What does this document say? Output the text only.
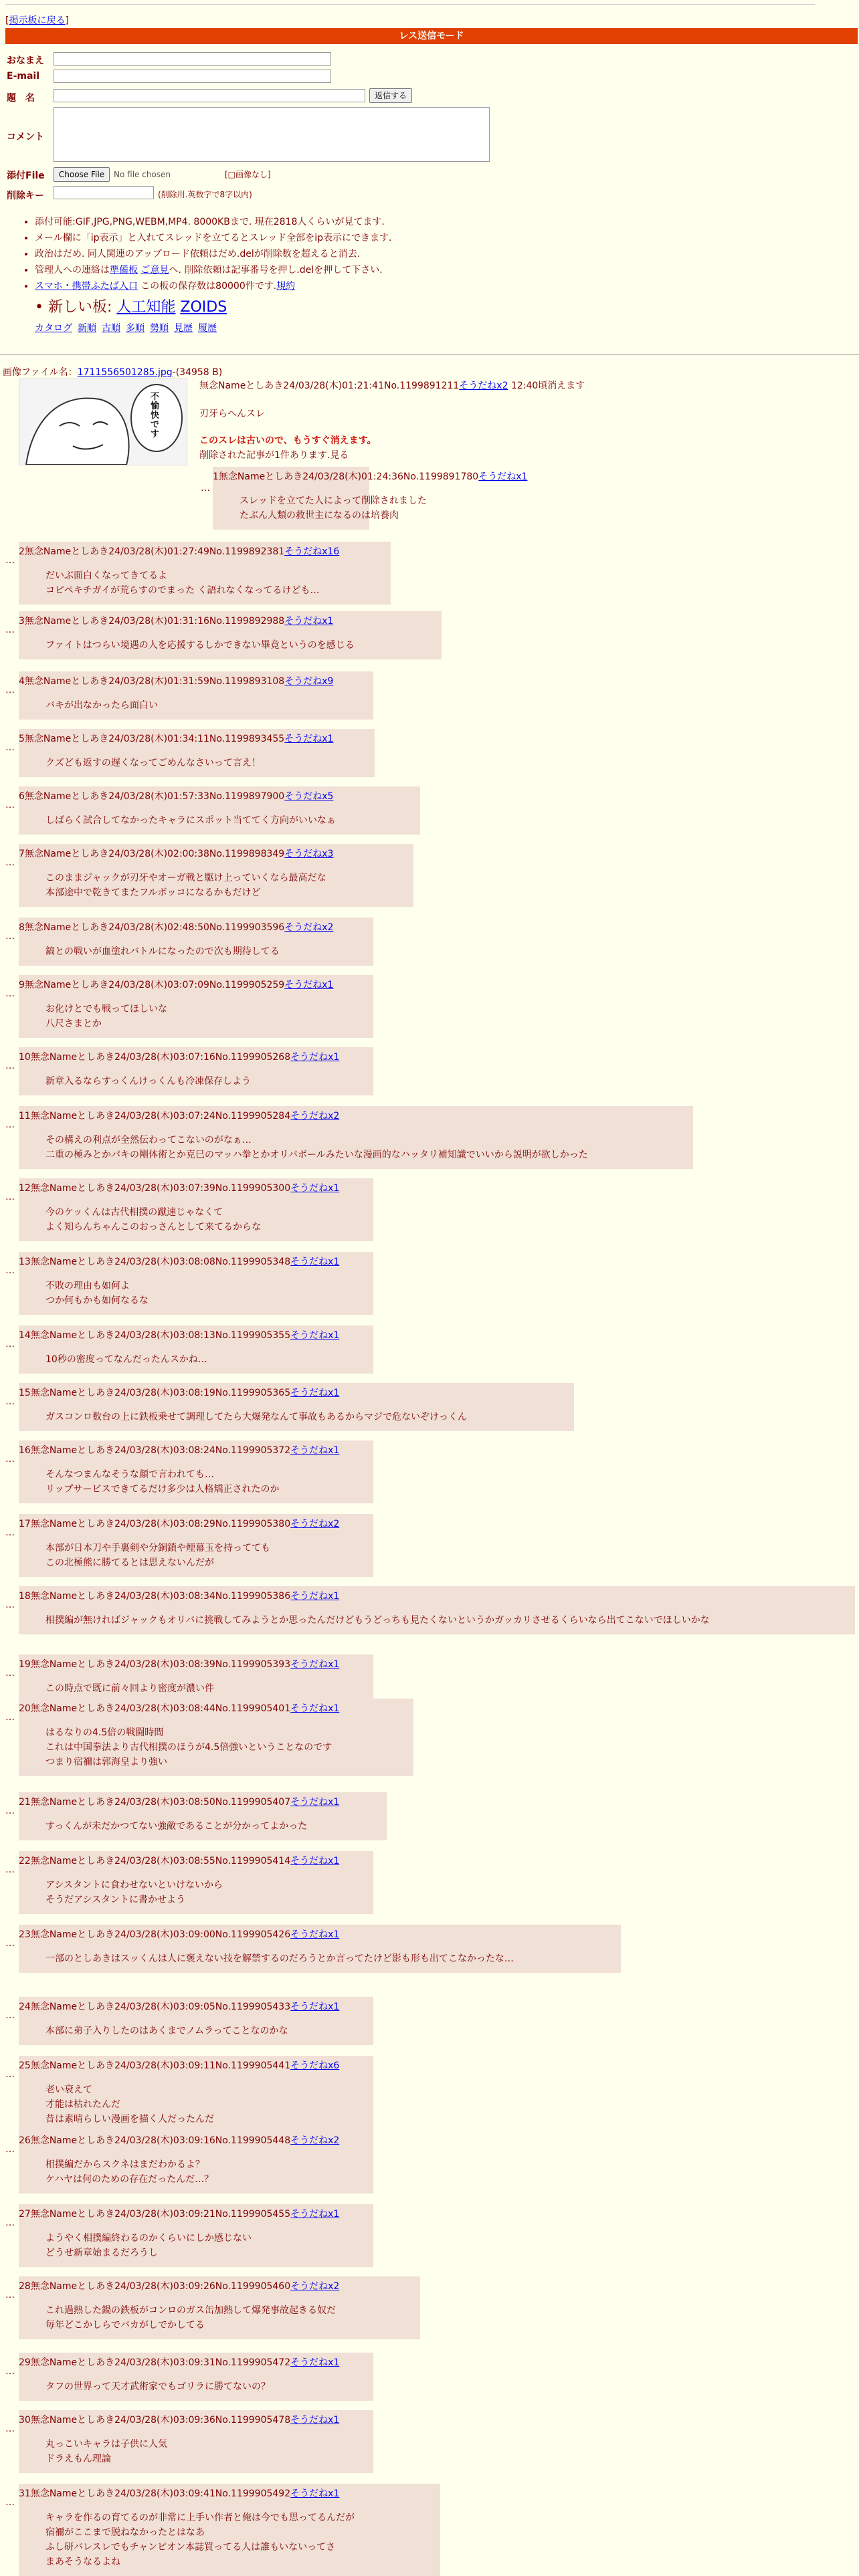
[掲示板に戻る]
レス送信モード
おなまえ
E-mail
題　名	返信する
コメント
添付File	Choose File	No file chosen	[□画像なし]
削除キー	(削除用.英数字で8字以内)
• 添付可能:GIF,JPG,PNG,WEBM,MP4. 8000KBまで. 現在2818人くらいが見てます.
• メール欄に「ip表示」と入れてスレッドを立てるとスレッド全部をip表示にできます.
• 政治はだめ. 同人関連のアップロード依頼はだめ.delが削除数を超えると消去.
• 管理人への連絡は準備板 ご意見へ. 削除依頼は記事番号を押し.delを押して下さい.
• スマホ・携帯ふたば入口 この板の保存数は80000件です.規約
• 新しい板: 人工知能 ZOIDS
カタログ 新順 古順 多順 勢順 見歴 履歴
画像ファイル名：1711556501285.jpg-(34958 B)
不愉快です
無念Nameとしあき24/03/28(木)01:21:41No.1199891211そうだねx2 12:40頃消えます
刃牙らへんスレ
このスレは古いので、もうすぐ消えます。
削除された記事が1件あります.見る
…
1無念Nameとしあき24/03/28(木)01:24:36No.1199891780そうだねx1
スレッドを立てた人によって削除されました
たぶん人類の救世主になるのは培養肉
…
2無念Nameとしあき24/03/28(木)01:27:49No.1199892381そうだねx16
だいぶ面白くなってきてるよ
コピペキチガイが荒らすのでまった く語れなくなってるけども…
…
3無念Nameとしあき24/03/28(木)01:31:16No.1199892988そうだねx1
ファイトはつらい境遇の人を応援するしかできない畢竟というのを感じる
…
4無念Nameとしあき24/03/28(木)01:31:59No.1199893108そうだねx9
バキが出なかったら面白い
…
5無念Nameとしあき24/03/28(木)01:34:11No.1199893455そうだねx1
クズども返すの遅くなってごめんなさいって言え！
…
6無念Nameとしあき24/03/28(木)01:57:33No.1199897900そうだねx5
しばらく試合してなかったキャラにスポット当ててく方向がいいなぁ
…
7無念Nameとしあき24/03/28(木)02:00:38No.1199898349そうだねx3
このままジャックが刃牙やオーガ戦と駆け上っていくなら最高だな
本部途中で乾きてまたフルボッコになるかもだけど
…
8無念Nameとしあき24/03/28(木)02:48:50No.1199903596そうだねx2
鎬との戦いが血塗れバトルになったので次も期待してる
…
9無念Nameとしあき24/03/28(木)03:07:09No.1199905259そうだねx1
お化けとでも戦ってほしいな
八尺さまとか
…
10無念Nameとしあき24/03/28(木)03:07:16No.1199905268そうだねx1
新章入るならすっくんけっくんも冷凍保存しよう
…
11無念Nameとしあき24/03/28(木)03:07:24No.1199905284そうだねx2
その構えの利点が全然伝わってこないのがなぁ…
二重の極みとかパキの剛体術とか克巳のマッハ拳とかオリバボールみたいな漫画的なハッタリ補知識でいいから説明が欲しかった
…
12無念Nameとしあき24/03/28(木)03:07:39No.1199905300そうだねx1
今のケッくんは古代相撲の蹴速じゃなくて
よく知らんちゃんこのおっさんとして来てるからな
…
13無念Nameとしあき24/03/28(木)03:08:08No.1199905348そうだねx1
不敗の理由も如何よ
つか何もかも如何なるな
…
14無念Nameとしあき24/03/28(木)03:08:13No.1199905355そうだねx1
10秒の密度ってなんだったんスかね…
…
15無念Nameとしあき24/03/28(木)03:08:19No.1199905365そうだねx1
ガスコンロ数台の上に鉄板乗せて調理してたら大爆発なんて事故もあるからマジで危ないぞけっくん
…
16無念Nameとしあき24/03/28(木)03:08:24No.1199905372そうだねx1
そんなつまんなそうな顔で言われても…
リップサービスできてるだけ多少は人格矯正されたのか
…
17無念Nameとしあき24/03/28(木)03:08:29No.1199905380そうだねx2
本部が日本刀や手裏剣や分銅鎖や煙幕玉を持ってても
この北極熊に勝てるとは思えないんだが
…
18無念Nameとしあき24/03/28(木)03:08:34No.1199905386そうだねx1
相撲編が無ければジャックもオリバに挑戦してみようとか思ったんだけどもうどっちも見たくないというかガッカリさせるくらいなら出てこないでほしいかな
…
19無念Nameとしあき24/03/28(木)03:08:39No.1199905393そうだねx1
この時点で既に前々回より密度が濃い件
…
20無念Nameとしあき24/03/28(木)03:08:44No.1199905401そうだねx1
はるなりの4.5倍の戦闘時間
これは中国拳法より古代相撲のほうが4.5倍強いということなのです
つまり宿禰は郭海皇より強い
…
21無念Nameとしあき24/03/28(木)03:08:50No.1199905407そうだねx1
すっくんが未だかつてない強敵であることが分かってよかった
…
22無念Nameとしあき24/03/28(木)03:08:55No.1199905414そうだねx1
アシスタントに食わせないといけないから
そうだアシスタントに書かせよう
…
23無念Nameとしあき24/03/28(木)03:09:00No.1199905426そうだねx1
一部のとしあきはスッくんは人に褒えない技を解禁するのだろうとか言ってたけど影も形も出てこなかったな…
…
24無念Nameとしあき24/03/28(木)03:09:05No.1199905433そうだねx1
本部に弟子入りしたのはあくまでノムラってことなのかな
…
25無念Nameとしあき24/03/28(木)03:09:11No.1199905441そうだねx6
老い衰えて
才能は枯れたんだ
昔は素晴らしい漫画を描く人だったんだ
…
26無念Nameとしあき24/03/28(木)03:09:16No.1199905448そうだねx2
相撲編だからスクネはまだわかるよ？
ケハヤは何のための存在だったんだ…？
…
27無念Nameとしあき24/03/28(木)03:09:21No.1199905455そうだねx1
ようやく相撲編終わるのかくらいにしか感じない
どうせ新章始まるだろうし
…
28無念Nameとしあき24/03/28(木)03:09:26No.1199905460そうだねx2
これ過熱した鍋の鉄板がコンロのガス缶加熱して爆発事故起きる奴だ
毎年どこかしらでバカがしでかしてる
…
29無念Nameとしあき24/03/28(木)03:09:31No.1199905472そうだねx1
タフの世界って天才武術家でもゴリラに勝てないの？
…
30無念Nameとしあき24/03/28(木)03:09:36No.1199905478そうだねx1
丸っこいキャラは子供に人気
ドラえもん理論
…
31無念Nameとしあき24/03/28(木)03:09:41No.1199905492そうだねx1
キャラを作るの育てるのが非常に上手い作者と俺は今でも思ってるんだが
宿禰がここまで脱ねなかったとはなあ
ふし研バレスレでもチャンピオン本誌買ってる人は誰もいないってさ
まあそうなるよね
